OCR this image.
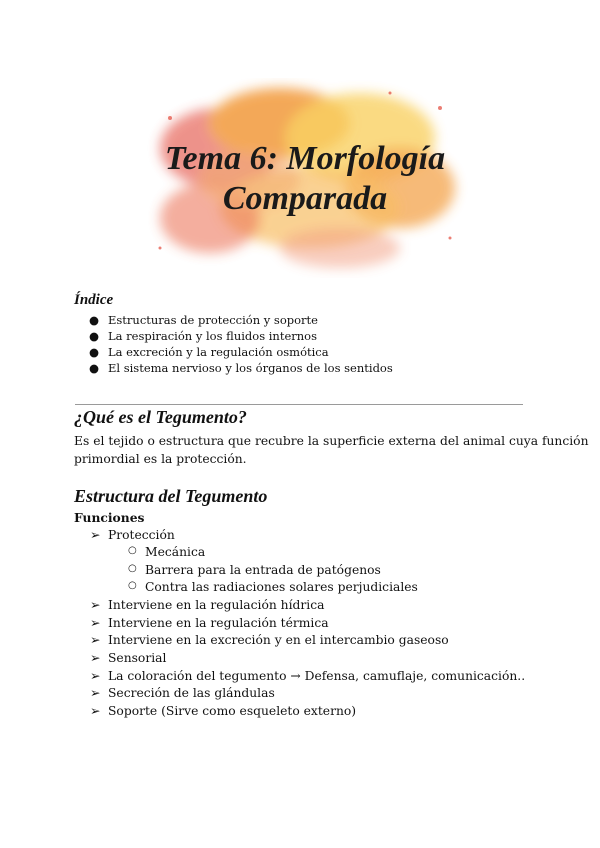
Tema 6: Morfología
Comparada
Índice
● Estructuras de protección y soporte
● La respiración y los fluidos internos
● La excreción y la regulación osmótica
● El sistema nervioso y los órganos de los sentidos
¿Qué es el Tegumento?
Es el tejido o estructura que recubre la superficie externa del animal cuya función
primordial es la protección.
Estructura del Tegumento
Funciones
➢ Protección
○ Mecánica
○ Barrera para la entrada de patógenos
○ Contra las radiaciones solares perjudiciales
➢ Interviene en la regulación hídrica
➢ Interviene en la regulación térmica
➢ Interviene en la excreción y en el intercambio gaseoso
➢ Sensorial
➢ La coloración del tegumento → Defensa, camuflaje, comunicación..
➢ Secreción de las glándulas
➢ Soporte (Sirve como esqueleto externo)
